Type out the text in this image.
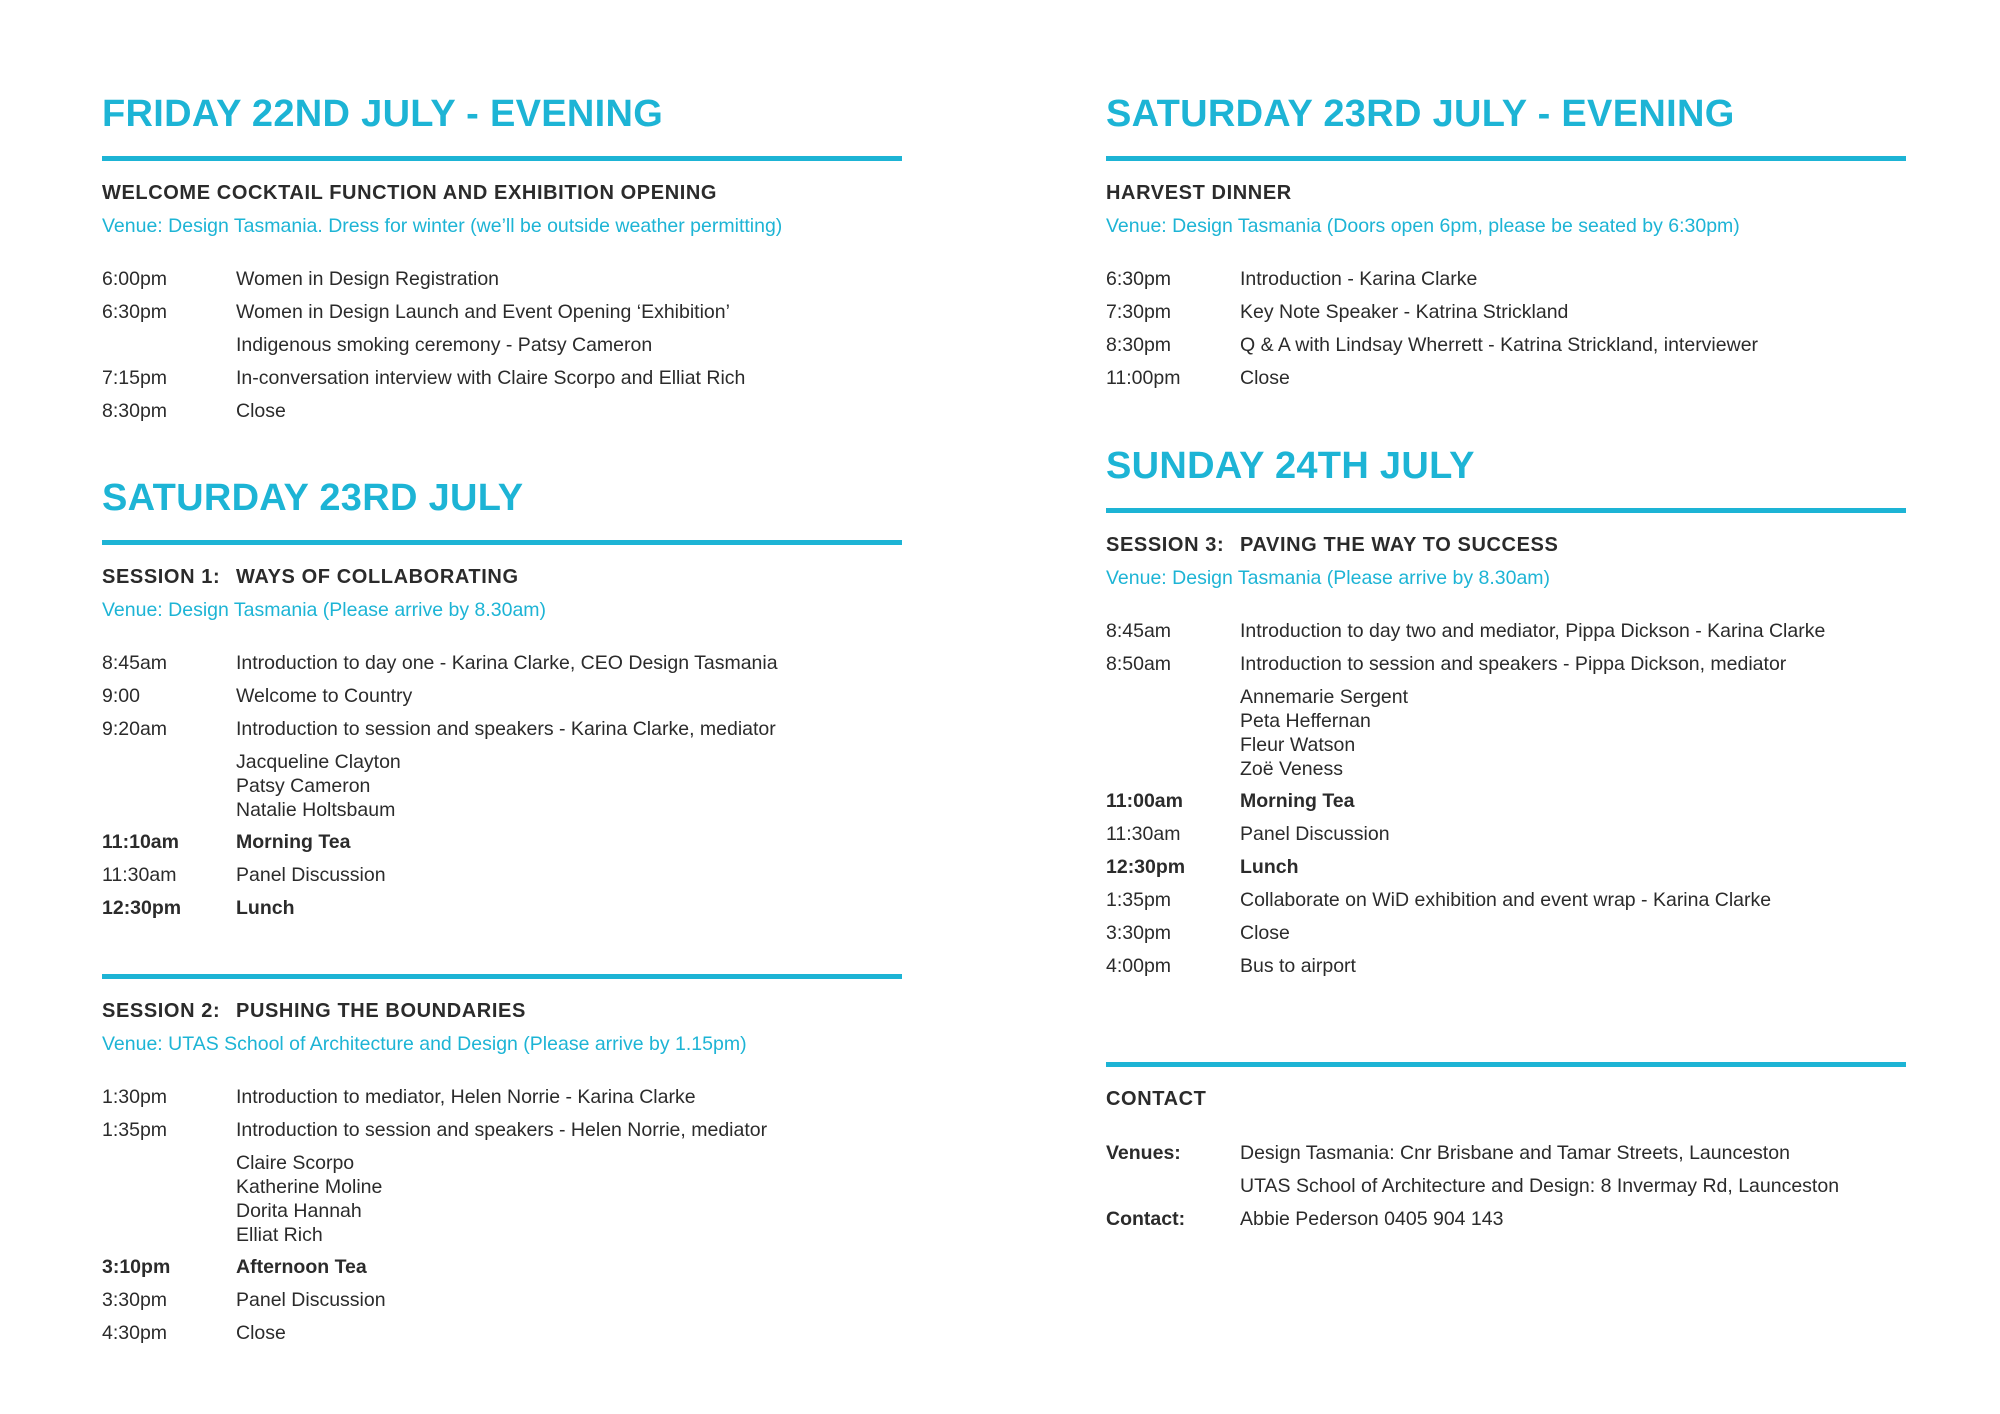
FRIDAY 22ND JULY - EVENING
WELCOME COCKTAIL FUNCTION AND EXHIBITION OPENING
Venue: Design Tasmania. Dress for winter (we’ll be outside weather permitting)
6:00pm	Women in Design Registration
6:30pm	Women in Design Launch and Event Opening ‘Exhibition’
Indigenous smoking ceremony - Patsy Cameron
7:15pm	In-conversation interview with Claire Scorpo and Elliat Rich
8:30pm	Close
SATURDAY 23RD JULY
SESSION 1: WAYS OF COLLABORATING
Venue: Design Tasmania (Please arrive by 8.30am)
8:45am	Introduction to day one - Karina Clarke, CEO Design Tasmania
9:00	Welcome to Country
9:20am	Introduction to session and speakers - Karina Clarke, mediator
Jacqueline Clayton
Patsy Cameron
Natalie Holtsbaum
11:10am	Morning Tea
11:30am	Panel Discussion
12:30pm	Lunch
SESSION 2: PUSHING THE BOUNDARIES
Venue: UTAS School of Architecture and Design (Please arrive by 1.15pm)
1:30pm	Introduction to mediator, Helen Norrie - Karina Clarke
1:35pm	Introduction to session and speakers - Helen Norrie, mediator
Claire Scorpo
Katherine Moline
Dorita Hannah
Elliat Rich
3:10pm	Afternoon Tea
3:30pm	Panel Discussion
4:30pm	Close
SATURDAY 23RD JULY - EVENING
HARVEST DINNER
Venue: Design Tasmania (Doors open 6pm, please be seated by 6:30pm)
6:30pm	Introduction - Karina Clarke
7:30pm	Key Note Speaker - Katrina Strickland
8:30pm	Q & A with Lindsay Wherrett - Katrina Strickland, interviewer
11:00pm	Close
SUNDAY 24TH JULY
SESSION 3: PAVING THE WAY TO SUCCESS
Venue: Design Tasmania (Please arrive by 8.30am)
8:45am	Introduction to day two and mediator, Pippa Dickson - Karina Clarke
8:50am	Introduction to session and speakers - Pippa Dickson, mediator
Annemarie Sergent
Peta Heffernan
Fleur Watson
Zoë Veness
11:00am	Morning Tea
11:30am	Panel Discussion
12:30pm	Lunch
1:35pm	Collaborate on WiD exhibition and event wrap - Karina Clarke
3:30pm	Close
4:00pm	Bus to airport
CONTACT
Venues:	Design Tasmania: Cnr Brisbane and Tamar Streets, Launceston
UTAS School of Architecture and Design: 8 Invermay Rd, Launceston
Contact:	Abbie Pederson 0405 904 143
